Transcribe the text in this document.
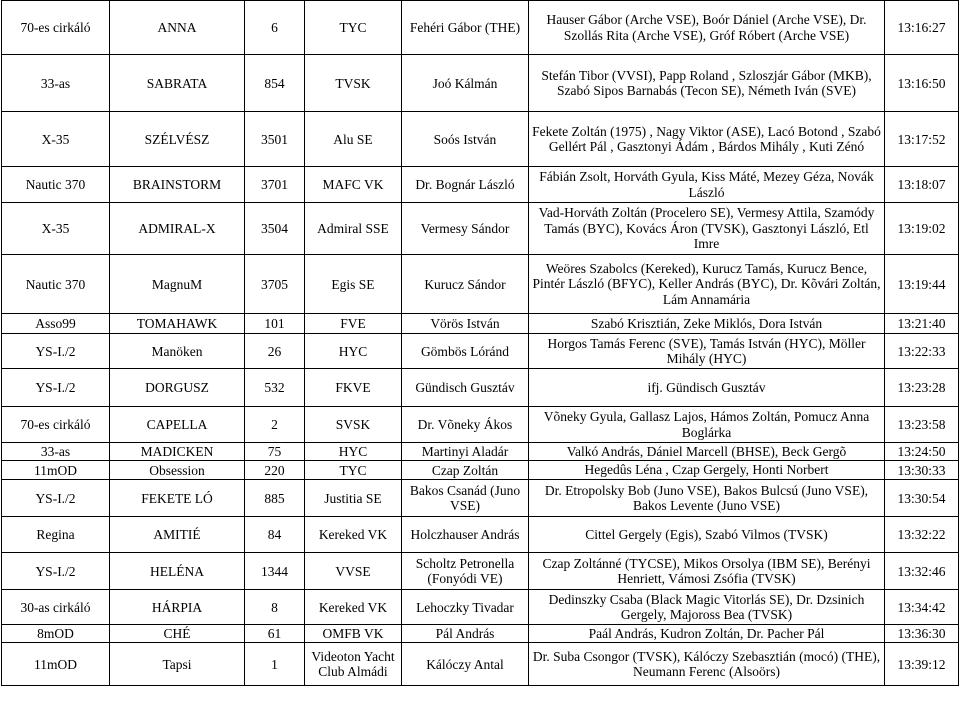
70-es cirkáló	ANNA	6	TYC	Fehéri Gábor (THE)	Hauser Gábor (Arche VSE), Boór Dániel (Arche VSE), Dr. Szollás Rita (Arche VSE), Gróf Róbert (Arche VSE)	13:16:27
33-as	SABRATA	854	TVSK	Joó Kálmán	Stefán Tibor (VVSI), Papp Roland , Szloszjár Gábor (MKB), Szabó Sipos Barnabás (Tecon SE), Németh Iván (SVE)	13:16:50
X-35	SZÉLVÉSZ	3501	Alu SE	Soós István	Fekete Zoltán (1975) , Nagy Viktor (ASE), Lacó Botond , Szabó Gellért Pál , Gasztonyi Ádám , Bárdos Mihály , Kuti Zénó	13:17:52
Nautic 370	BRAINSTORM	3701	MAFC VK	Dr. Bognár László	Fábián Zsolt, Horváth Gyula, Kiss Máté, Mezey Géza, Novák László	13:18:07
X-35	ADMIRAL-X	3504	Admiral SSE	Vermesy Sándor	Vad-Horváth Zoltán (Procelero SE), Vermesy Attila, Szamódy Tamás (BYC), Kovács Áron (TVSK), Gasztonyi László, Etl Imre	13:19:02
Nautic 370	MagnuM	3705	Egis SE	Kurucz Sándor	Weöres Szabolcs (Kereked), Kurucz Tamás, Kurucz Bence, Pintér László (BFYC), Keller András (BYC), Dr. Kõvári Zoltán, Lám Annamária	13:19:44
Asso99	TOMAHAWK	101	FVE	Vörös István	Szabó Krisztián, Zeke Miklós, Dora István	13:21:40
YS-I./2	Manöken	26	HYC	Gömbös Lóránd	Horgos Tamás Ferenc (SVE), Tamás István (HYC), Möller Mihály (HYC)	13:22:33
YS-I./2	DORGUSZ	532	FKVE	Gündisch Gusztáv	ifj. Gündisch Gusztáv	13:23:28
70-es cirkáló	CAPELLA	2	SVSK	Dr. Võneky Ákos	Võneky Gyula, Gallasz Lajos, Hámos Zoltán, Pomucz Anna Boglárka	13:23:58
33-as	MADICKEN	75	HYC	Martinyi Aladár	Valkó András, Dániel Marcell (BHSE), Beck Gergõ	13:24:50
11mOD	Obsession	220	TYC	Czap Zoltán	Hegedûs Léna , Czap Gergely, Honti Norbert	13:30:33
YS-I./2	FEKETE LÓ	885	Justitia SE	Bakos Csanád (Juno VSE)	Dr. Etropolsky Bob (Juno VSE), Bakos Bulcsú (Juno VSE), Bakos Levente (Juno VSE)	13:30:54
Regina	AMITIÉ	84	Kereked VK	Holczhauser András	Cittel Gergely (Egis), Szabó Vilmos (TVSK)	13:32:22
YS-I./2	HELÉNA	1344	VVSE	Scholtz Petronella (Fonyódi VE)	Czap Zoltánné (TYCSE), Mikos Orsolya (IBM SE), Berényi Henriett, Vámosi Zsófia (TVSK)	13:32:46
30-as cirkáló	HÁRPIA	8	Kereked VK	Lehoczky Tivadar	Dedinszky Csaba (Black Magic Vitorlás SE), Dr. Dzsinich Gergely, Majoross Bea (TVSK)	13:34:42
8mOD	CHÉ	61	OMFB VK	Pál András	Paál András, Kudron Zoltán, Dr. Pacher Pál	13:36:30
11mOD	Tapsi	1	Videoton Yacht Club Almádi	Kálóczy Antal	Dr. Suba Csongor (TVSK), Kálóczy Szebasztián (mocó) (THE), Neumann Ferenc (Alsoörs)	13:39:12
